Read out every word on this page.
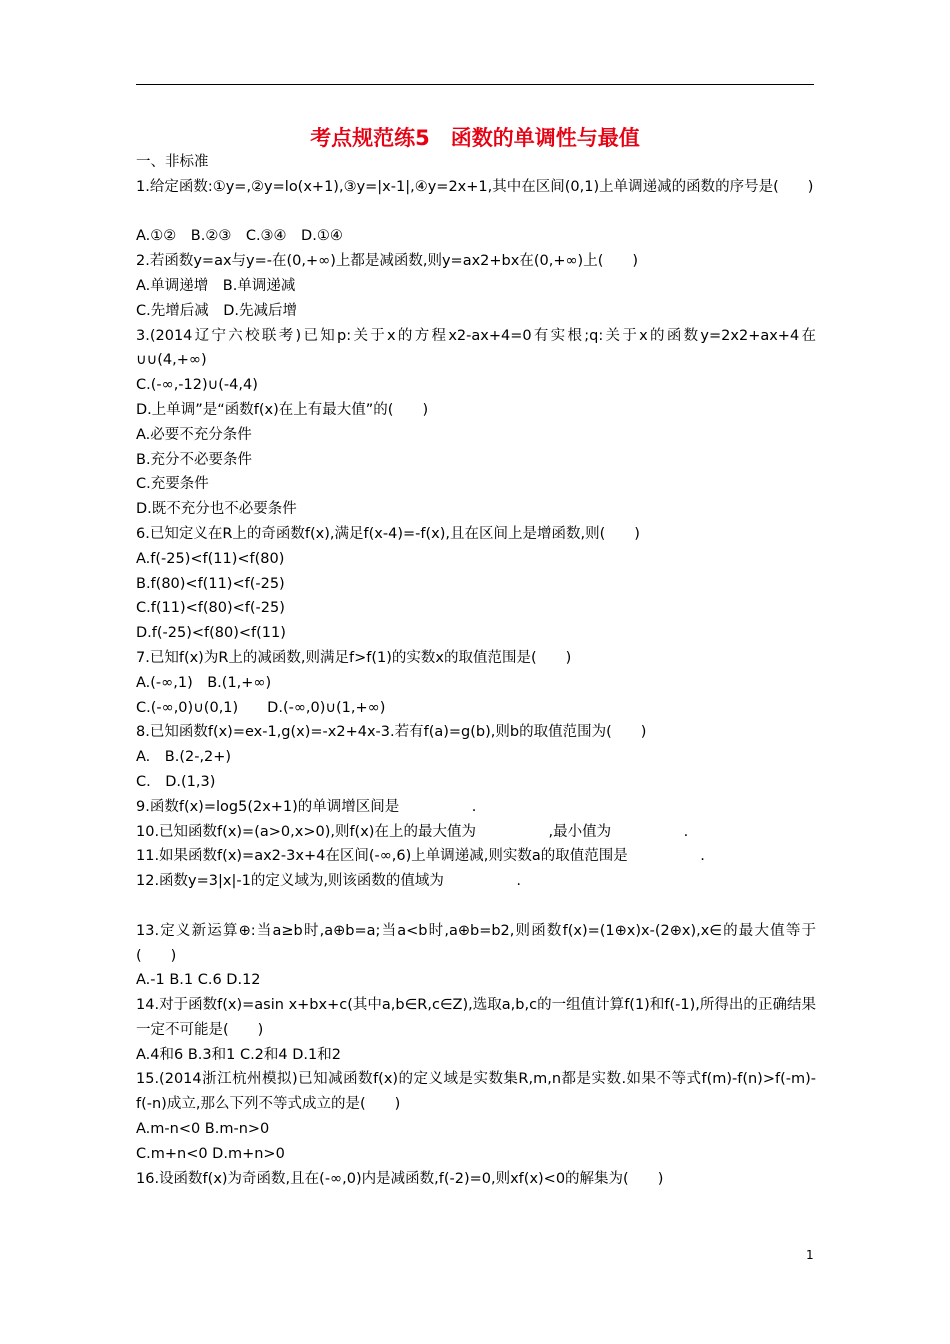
考点规范练5　函数的单调性与最值
一、非标准
1.给定函数:①y=,②y=lo(x+1),③y=|x-1|,④y=2x+1,其中在区间(0,1)上单调递减的函数的序号是(　　)
A.①②　B.②③　C.③④　D.①④
2.若函数y=ax与y=-在(0,+∞)上都是减函数,则y=ax2+bx在(0,+∞)上(　　)
A.单调递增　B.单调递减
C.先增后减　D.先减后增
3.(2014辽宁六校联考)已知p:关于x的方程x2-ax+4=0有实根;q:关于x的函数y=2x2+ax+4在∪∪(4,+∞)
C.(-∞,-12)∪(-4,4)
D.上单调”是“函数f(x)在上有最大值”的(　　)
A.必要不充分条件
B.充分不必要条件
C.充要条件
D.既不充分也不必要条件
6.已知定义在R上的奇函数f(x),满足f(x-4)=-f(x),且在区间上是增函数,则(　　)
A.f(-25)<f(11)<f(80)
B.f(80)<f(11)<f(-25)
C.f(11)<f(80)<f(-25)
D.f(-25)<f(80)<f(11)
7.已知f(x)为R上的减函数,则满足f>f(1)的实数x的取值范围是(　　)
A.(-∞,1)　B.(1,+∞)
C.(-∞,0)∪(0,1)　　D.(-∞,0)∪(1,+∞)
8.已知函数f(x)=ex-1,g(x)=-x2+4x-3.若有f(a)=g(b),则b的取值范围为(　　)
A.　B.(2-,2+)
C.　D.(1,3)
9.函数f(x)=log5(2x+1)的单调增区间是　　　　　.
10.已知函数f(x)=(a>0,x>0),则f(x)在上的最大值为　　　　　,最小值为　　　　　.
11.如果函数f(x)=ax2-3x+4在区间(-∞,6)上单调递减,则实数a的取值范围是　　　　　.
12.函数y=3|x|-1的定义域为,则该函数的值域为　　　　　.
13.定义新运算⊕:当a≥b时,a⊕b=a;当a<b时,a⊕b=b2,则函数f(x)=(1⊕x)x-(2⊕x),x∈的最大值等于(　　)
A.-1 B.1 C.6 D.12
14.对于函数f(x)=asin x+bx+c(其中a,b∈R,c∈Z),选取a,b,c的一组值计算f(1)和f(-1),所得出的正确结果一定不可能是(　　)
A.4和6 B.3和1 C.2和4 D.1和2
15.(2014浙江杭州模拟)已知减函数f(x)的定义域是实数集R,m,n都是实数.如果不等式f(m)-f(n)>f(-m)-f(-n)成立,那么下列不等式成立的是(　　)
A.m-n<0 B.m-n>0
C.m+n<0 D.m+n>0
16.设函数f(x)为奇函数,且在(-∞,0)内是减函数,f(-2)=0,则xf(x)<0的解集为(　　)
1
